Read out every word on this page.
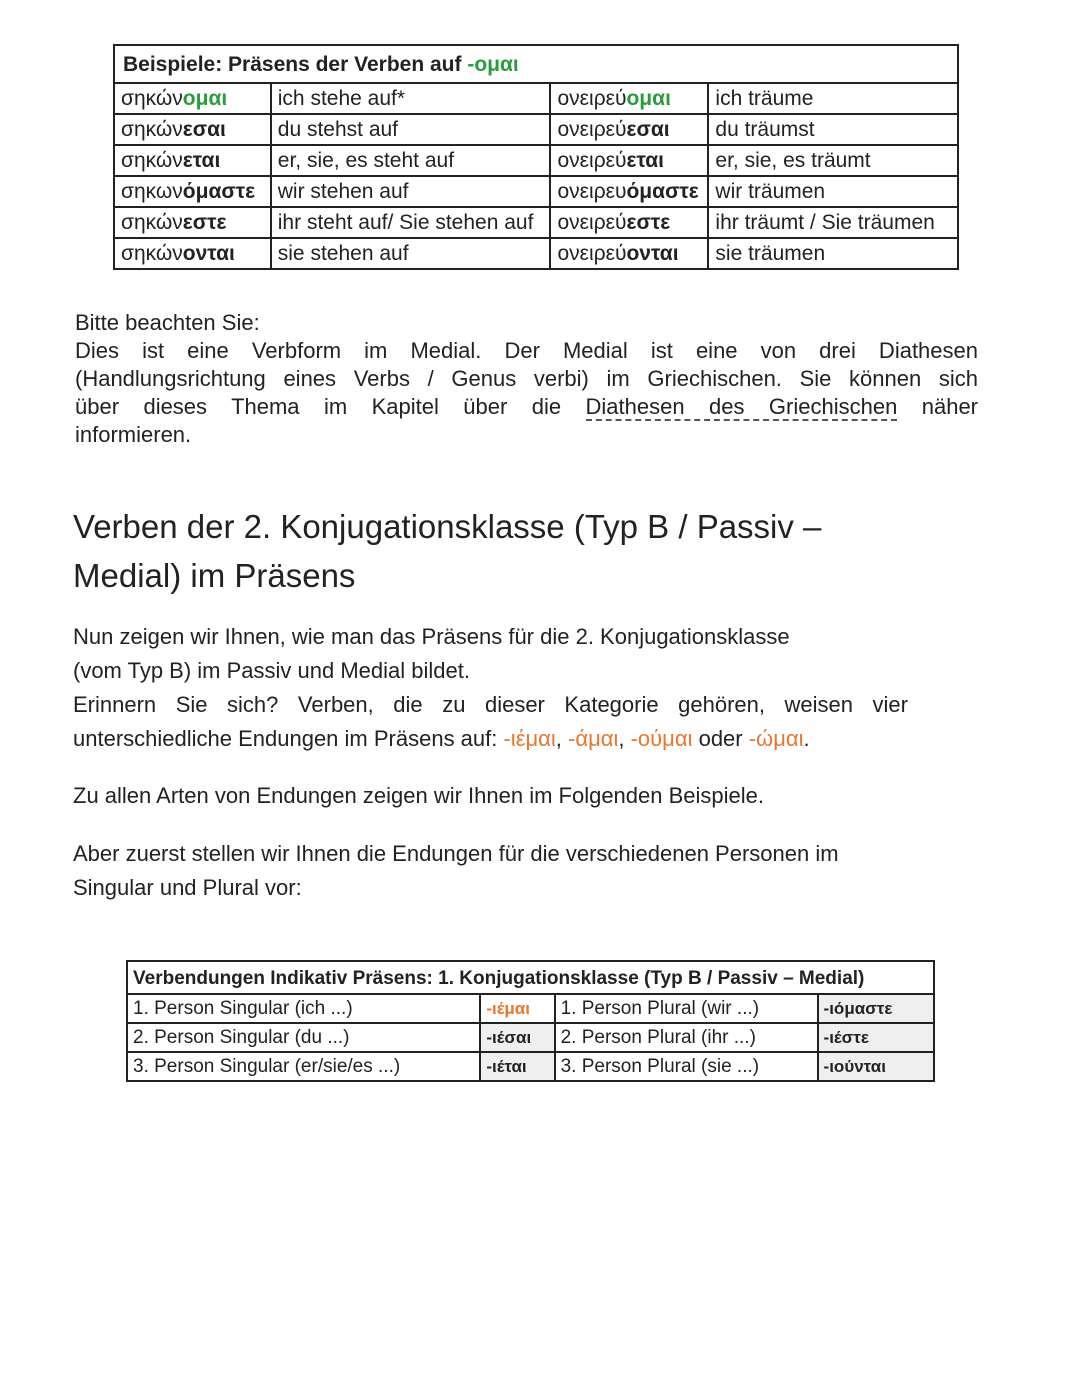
Beispiele: Präsens der Verben auf -ομαι			
σηκώνομαι	ich stehe auf*	ονειρεύομαι	ich träume
σηκώνεσαι	du stehst auf	ονειρεύεσαι	du träumst
σηκώνεται	er, sie, es steht auf	ονειρεύεται	er, sie, es träumt
σηκωνόμαστε	wir stehen auf	ονειρευόμαστε	wir träumen
σηκώνεστε	ihr steht auf/ Sie stehen auf	ονειρεύεστε	ihr träumt / Sie träumen
σηκώνονται	sie stehen auf	ονειρεύονται	sie träumen

Bitte beachten Sie:

Dies ist eine Verbform im Medial. Der Medial ist eine von drei Diathesen

(Handlungsrichtung eines Verbs / Genus verbi) im Griechischen. Sie können sich

über dieses Thema im Kapitel über die Diathesen des Griechischen näher

informieren.

Verben der 2. Konjugationsklasse (Typ B / Passiv – Medial) im Präsens
Nun zeigen wir Ihnen, wie man das Präsens für die 2. Konjugationsklasse
(vom Typ B) im Passiv und Medial bildet.
Erinnern Sie sich? Verben, die zu dieser Kategorie gehören, weisen vier unterschiedliche Endungen im Präsens auf: -ιέμαι, -άμαι, -ούμαι oder -ώμαι.

Zu allen Arten von Endungen zeigen wir Ihnen im Folgenden Beispiele.

Aber zuerst stellen wir Ihnen die Endungen für die verschiedenen Personen im Singular und Plural vor:

Verbendungen Indikativ Präsens: 1. Konjugationsklasse (Typ B / Passiv – Medial)			
1. Person Singular (ich ...)	-ιέμαι	1. Person Plural (wir ...)	-ιόμαστε
2. Person Singular (du ...)	-ιέσαι	2. Person Plural (ihr ...)	-ιέστε
3. Person Singular (er/sie/es ...)	-ιέται	3. Person Plural (sie ...)	-ιούνται
